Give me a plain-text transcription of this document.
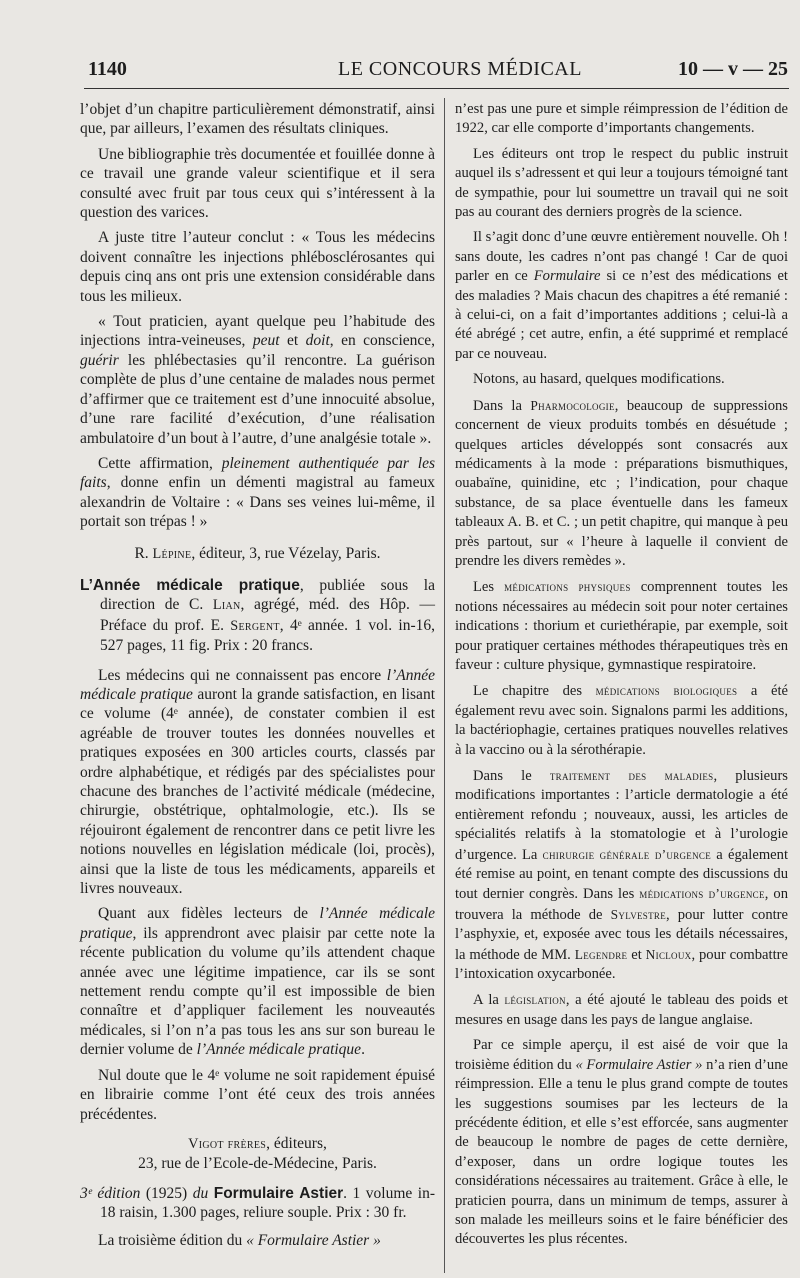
1140	LE CONCOURS MÉDICAL	10 — v — 25

l’objet d’un chapitre particulièrement démonstratif, ainsi que, par ailleurs, l’examen des résultats cliniques.

Une bibliographie très documentée et fouillée donne à ce travail une grande valeur scientifique et il sera consulté avec fruit par tous ceux qui s’intéressent à la question des varices.

A juste titre l’auteur conclut : « Tous les médecins doivent connaître les injections phlébosclérosantes qui depuis cinq ans ont pris une extension considérable dans tous les milieux.

« Tout praticien, ayant quelque peu l’habitude des injections intra-veineuses, peut et doit, en conscience, guérir les phlébectasies qu’il rencontre. La guérison complète de plus d’une centaine de malades nous permet d’affirmer que ce traitement est d’une innocuité absolue, d’une rare facilité d’exécution, d’une réalisation ambulatoire d’un bout à l’autre, d’une analgésie totale ».

Cette affirmation, pleinement authentiquée par les faits, donne enfin un démenti magistral au fameux alexandrin de Voltaire : « Dans ses veines lui-même, il portait son trépas ! »

R. Lépine, éditeur, 3, rue Vézelay, Paris.

L’Année médicale pratique, publiée sous la direction de C. Lian, agrégé, méd. des Hôp. — Préface du prof. E. Sergent, 4ᵉ année. 1 vol. in-16, 527 pages, 11 fig. Prix : 20 francs.

Les médecins qui ne connaissent pas encore l’Année médicale pratique auront la grande satisfaction, en lisant ce volume (4ᵉ année), de constater combien il est agréable de trouver toutes les données nouvelles et pratiques exposées en 300 articles courts, classés par ordre alphabétique, et rédigés par des spécialistes pour chacune des branches de l’activité médicale (médecine, chirurgie, obstétrique, ophtalmologie, etc.). Ils se réjouiront également de rencontrer dans ce petit livre les notions nouvelles en législation médicale (loi, procès), ainsi que la liste de tous les médicaments, appareils et livres nouveaux.

Quant aux fidèles lecteurs de l’Année médicale pratique, ils apprendront avec plaisir par cette note la récente publication du volume qu’ils attendent chaque année avec une légitime impatience, car ils se sont nettement rendu compte qu’il est impossible de bien connaître et d’appliquer facilement les nouveautés médicales, si l’on n’a pas tous les ans sur son bureau le dernier volume de l’Année médicale pratique.

Nul doute que le 4ᵉ volume ne soit rapidement épuisé en librairie comme l’ont été ceux des trois années précédentes.

Vigot frères, éditeurs,

23, rue de l’Ecole-de-Médecine, Paris.

3ᵉ édition (1925) du Formulaire Astier. 1 volume in-18 raisin, 1.300 pages, reliure souple. Prix : 30 fr.

La troisième édition du « Formulaire Astier »

n’est pas une pure et simple réimpression de l’édition de 1922, car elle comporte d’importants changements.

Les éditeurs ont trop le respect du public instruit auquel ils s’adressent et qui leur a toujours témoigné tant de sympathie, pour lui soumettre un travail qui ne soit pas au courant des derniers progrès de la science.

Il s’agit donc d’une œuvre entièrement nouvelle. Oh ! sans doute, les cadres n’ont pas changé ! Car de quoi parler en ce Formulaire si ce n’est des médications et des maladies ? Mais chacun des chapitres a été remanié : à celui-ci, on a fait d’importantes additions ; celui-là a été abrégé ; cet autre, enfin, a été supprimé et remplacé par ce nouveau.

Notons, au hasard, quelques modifications.

Dans la Pharmocologie, beaucoup de suppressions concernent de vieux produits tombés en désuétude ; quelques articles développés sont consacrés aux médicaments à la mode : préparations bismuthiques, ouabaïne, quinidine, etc ; l’indication, pour chaque substance, de sa place éventuelle dans les fameux tableaux A. B. et C. ; un petit chapitre, qui manque à peu près partout, sur « l’heure à laquelle il convient de prendre les divers remèdes ».

Les médications physiques comprennent toutes les notions nécessaires au médecin soit pour noter certaines indications : thorium et curiethérapie, par exemple, soit pour pratiquer certaines méthodes thérapeutiques très en faveur : culture physique, gymnastique respiratoire.

Le chapitre des médications biologiques a été également revu avec soin. Signalons parmi les additions, la bactériophagie, certaines pratiques nouvelles relatives à la vaccino ou à la sérothérapie.

Dans le traitement des maladies, plusieurs modifications importantes : l’article dermatologie a été entièrement refondu ; nouveaux, aussi, les articles de spécialités relatifs à la stomatologie et à l’urologie d’urgence. La chirurgie générale d’urgence a également été remise au point, en tenant compte des discussions du tout dernier congrès. Dans les médications d’urgence, on trouvera la méthode de Sylvestre, pour lutter contre l’asphyxie, et, exposée avec tous les détails nécessaires, la méthode de MM. Legendre et Nicloux, pour combattre l’intoxication oxycarbonée.

A la législation, a été ajouté le tableau des poids et mesures en usage dans les pays de langue anglaise.

Par ce simple aperçu, il est aisé de voir que la troisième édition du « Formulaire Astier » n’a rien d’une réimpression. Elle a tenu le plus grand compte de toutes les suggestions soumises par les lecteurs de la précédente édition, et elle s’est efforcée, sans augmenter de beaucoup le nombre de pages de cette dernière, d’exposer, dans un ordre logique toutes les considérations nécessaires au traitement. Grâce à elle, le praticien pourra, dans un minimum de temps, assurer à son malade les meilleurs soins et le faire bénéficier des découvertes les plus récentes.
